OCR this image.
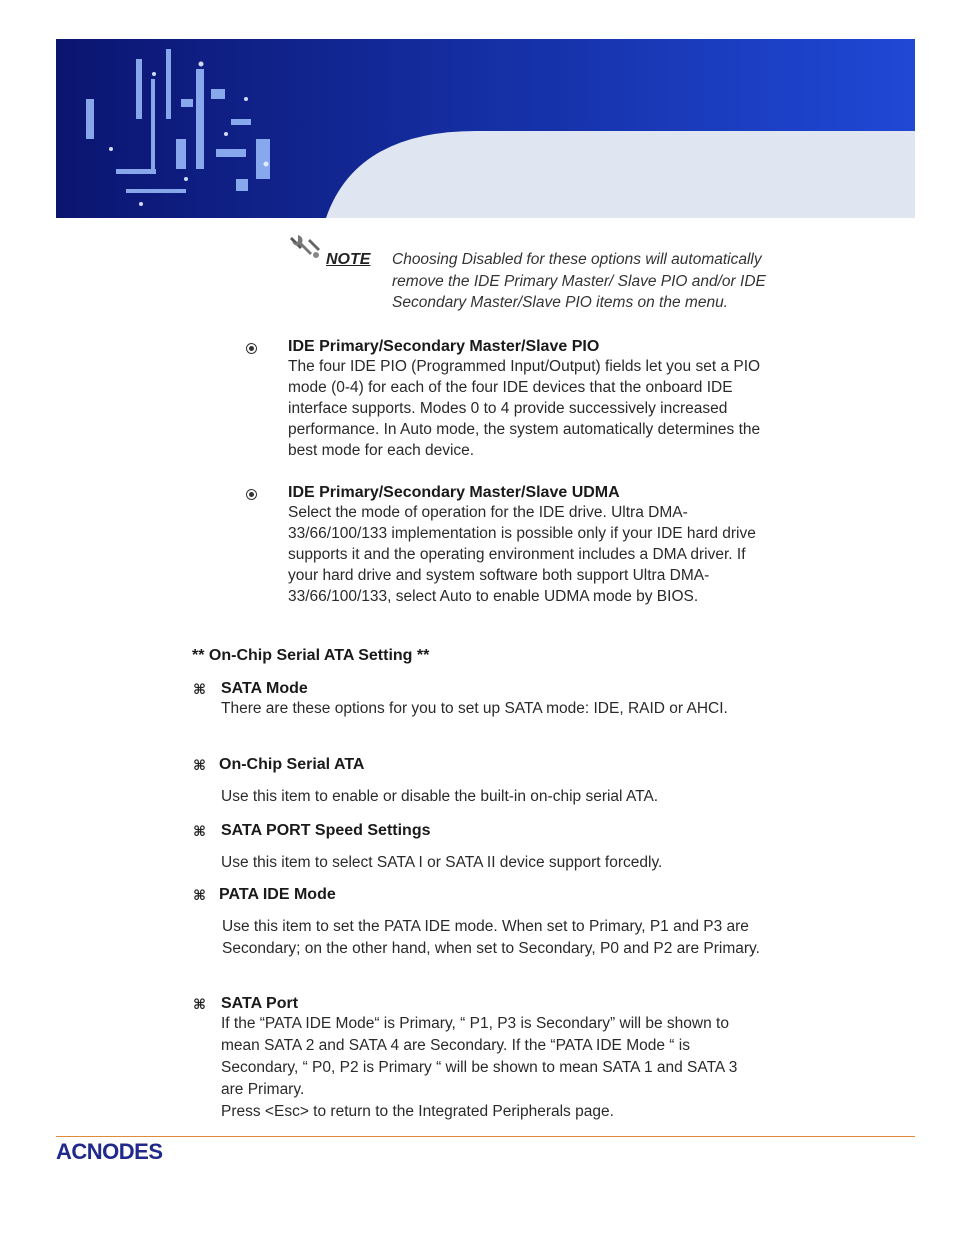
NOTE Choosing Disabled for these options will automatically remove the IDE Primary Master/ Slave PIO and/or IDE Secondary Master/Slave PIO items on the menu.
IDE Primary/Secondary Master/Slave PIO
The four IDE PIO (Programmed Input/Output) fields let you set a PIO mode (0-4) for each of the four IDE devices that the onboard IDE interface supports. Modes 0 to 4 provide successively increased performance. In Auto mode, the system automatically determines the best mode for each device.
IDE Primary/Secondary Master/Slave UDMA
Select the mode of operation for the IDE drive. Ultra DMA-33/66/100/133 implementation is possible only if your IDE hard drive supports it and the operating environment includes a DMA driver. If your hard drive and system software both support Ultra DMA-33/66/100/133, select Auto to enable UDMA mode by BIOS.
** On-Chip Serial ATA Setting **
⌘ SATA Mode
There are these options for you to set up SATA mode: IDE, RAID or AHCI.
⌘ On-Chip Serial ATA
Use this item to enable or disable the built-in on-chip serial ATA.
⌘ SATA PORT Speed Settings
Use this item to select SATA I or SATA II device support forcedly.
⌘ PATA IDE Mode
Use this item to set the PATA IDE mode. When set to Primary, P1 and P3 are Secondary; on the other hand, when set to Secondary, P0 and P2 are Primary.
⌘ SATA Port
If the “PATA IDE Mode“ is Primary, “ P1, P3 is Secondary” will be shown to mean SATA 2 and SATA 4 are Secondary. If the “PATA IDE Mode “ is Secondary, “ P0, P2 is Primary “ will be shown to mean SATA 1 and SATA 3 are Primary.
Press <Esc> to return to the Integrated Peripherals page.
ACNODES
